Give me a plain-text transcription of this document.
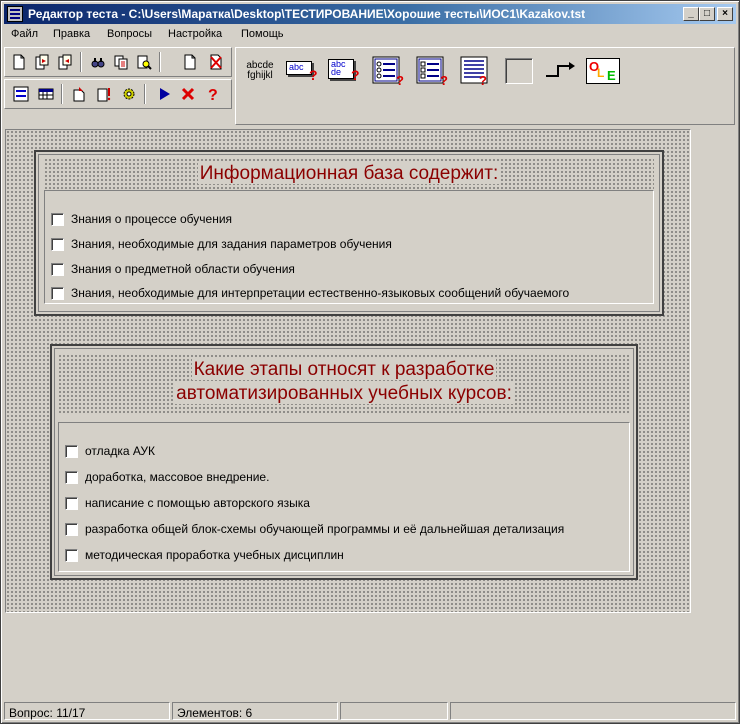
Редактор теста - C:\Users\Маратка\Desktop\ТЕСТИРОВАНИЕ\Хорошие тесты\ИОС1\Kazakov.tst	_	□	×
Файл Правка Вопросы Настройка Помощь
?
abcde
fghijkl
abc ?
abc de ?	?	? ?
O
L E
Информационная база содержит:
Знания о процессе обучения
Знания, необходимые для задания параметров обучения
Знания о предметной области обучения
Знания, необходимые для интерпретации естественно-языковых сообщений обучаемого
Какие этапы относят к разработке
автоматизированных учебных курсов:
отладка АУК
доработка, массовое внедрение.
написание с помощью авторского языка
разработка общей блок-схемы обучающей программы и её дальнейшая детализация
методическая проработка учебных дисциплин
Вопрос: 11/17	Элементов: 6
